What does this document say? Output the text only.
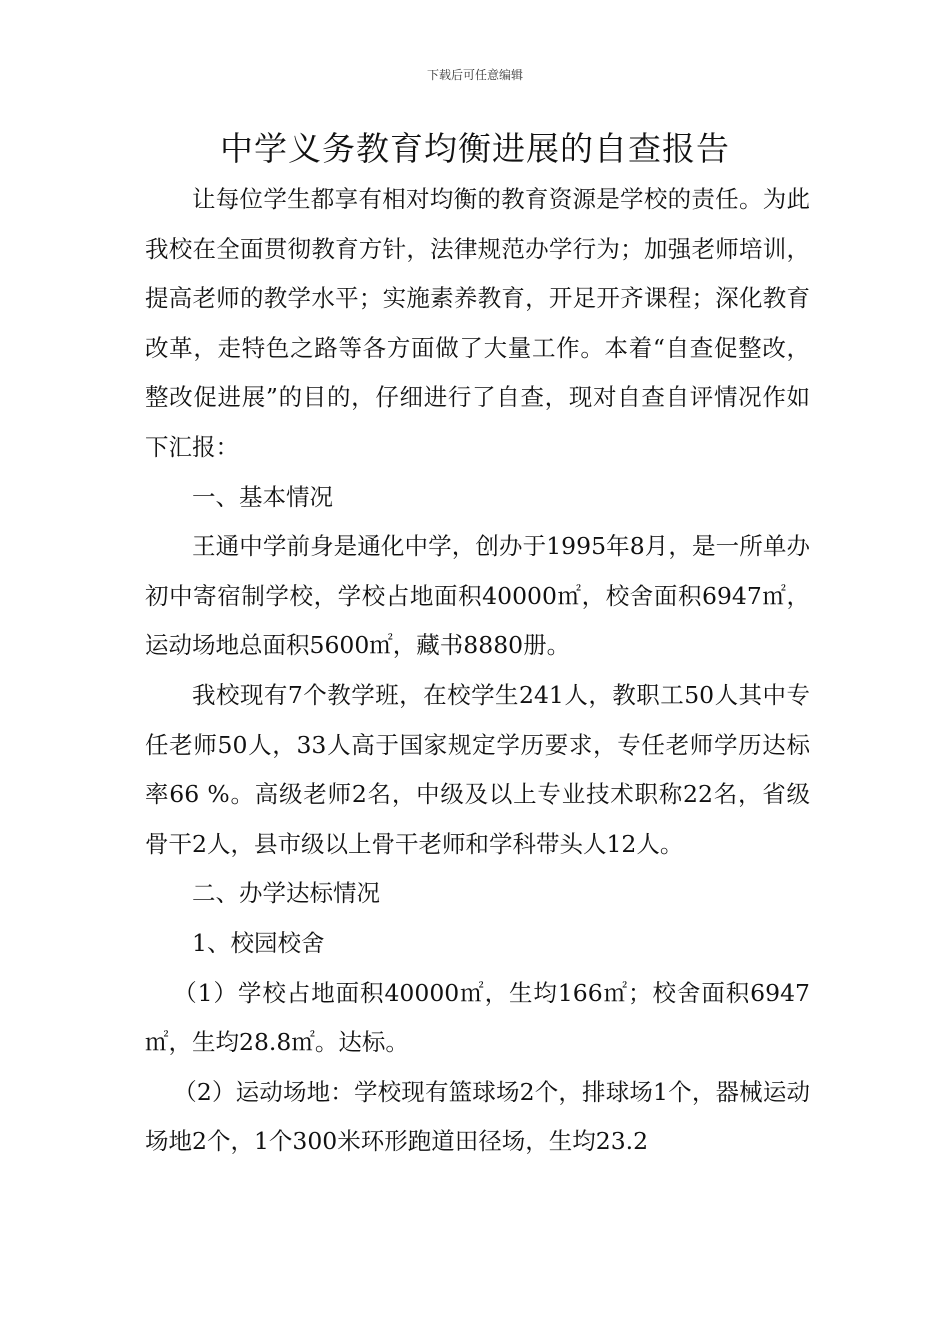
下载后可任意编辑
中学义务教育均衡进展的自查报告

让每位学生都享有相对均衡的教育资源是学校的责任。为此我校在全面贯彻教育方针，法律规范办学行为；加强老师培训，提高老师的教学水平；实施素养教育，开足开齐课程；深化教育改革，走特色之路等各方面做了大量工作。本着“自查促整改，整改促进展”的目的，仔细进行了自查，现对自查自评情况作如下汇报：

一、基本情况

王通中学前身是通化中学，创办于1995年8月，是一所单办初中寄宿制学校，学校占地面积40000㎡，校舍面积6947㎡，运动场地总面积5600㎡，藏书8880册。

我校现有7个教学班，在校学生241人，教职工50人其中专任老师50人，33人高于国家规定学历要求，专任老师学历达标率66 %。高级老师2名，中级及以上专业技术职称22名，省级骨干2人，县市级以上骨干老师和学科带头人12人。

二、办学达标情况

1、校园校舍

（1）学校占地面积40000㎡，生均166㎡；校舍面积6947㎡，生均28.8㎡。达标。

（2）运动场地：学校现有篮球场2个，排球场1个，器械运动场地2个，1个300米环形跑道田径场，生均23.2
